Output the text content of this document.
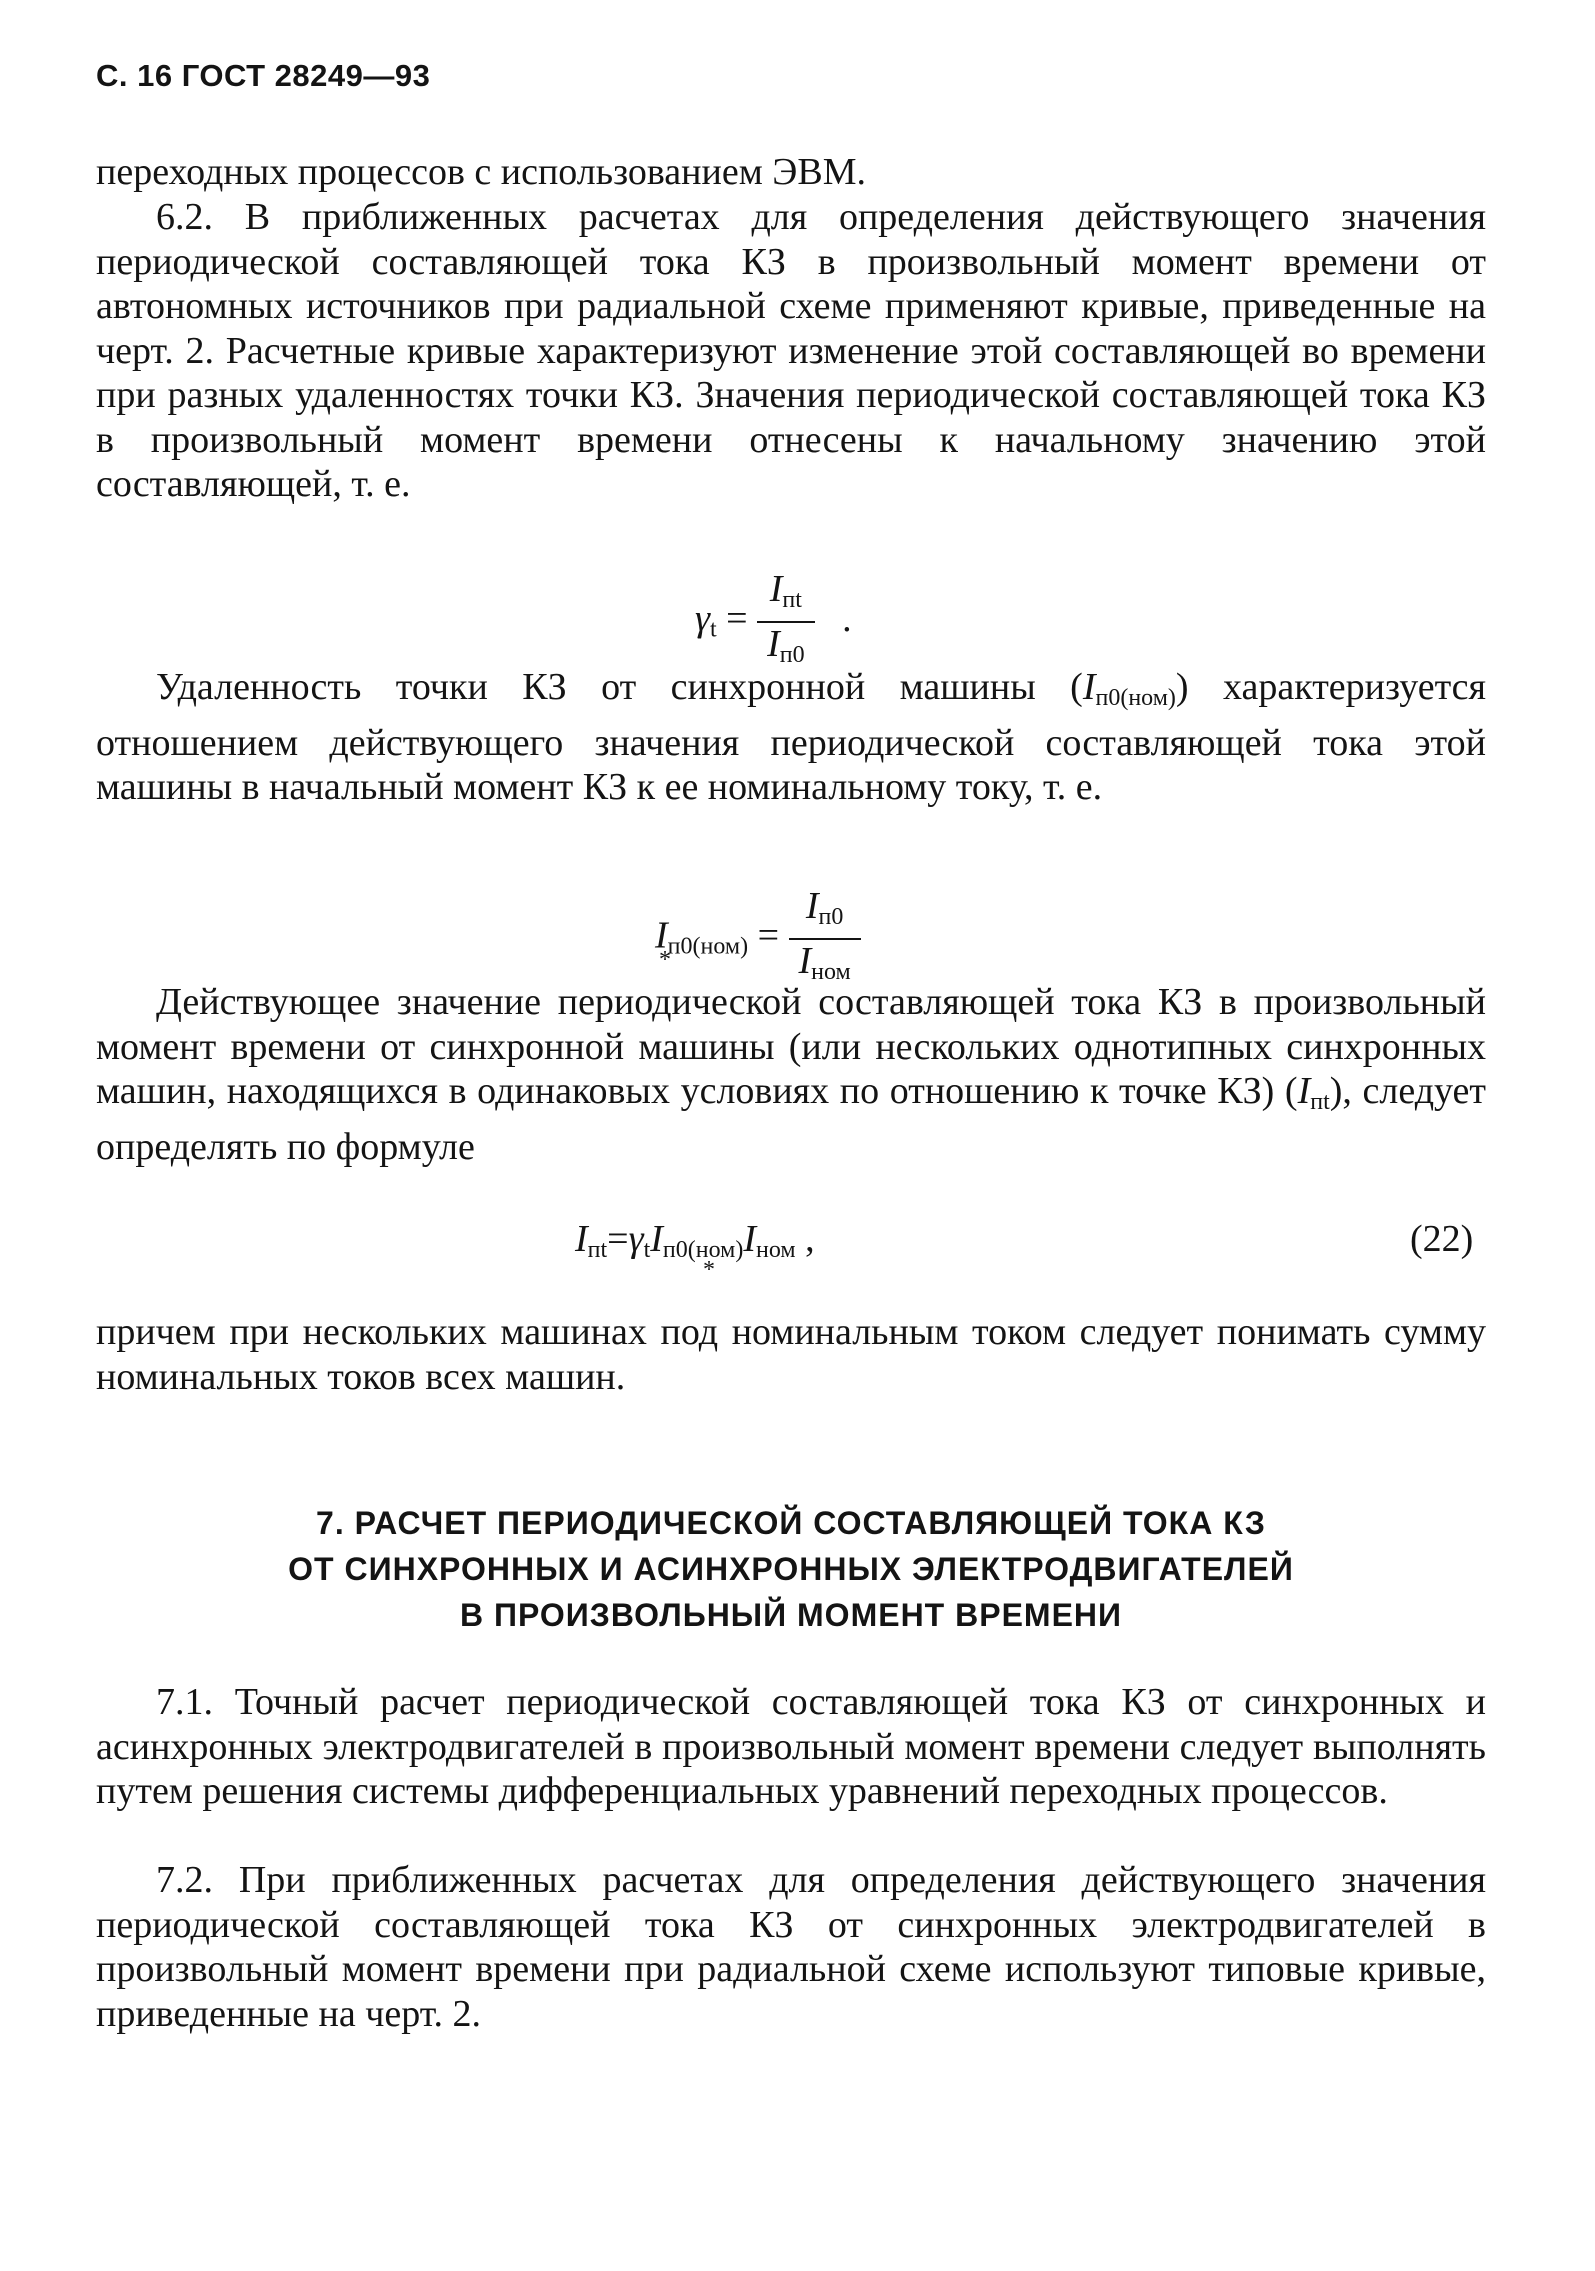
С. 16 ГОСТ 28249—93

переходных процессов с использованием ЭВМ.

6.2. В приближенных расчетах для определения действующего значения периодической составляющей тока КЗ в произвольный момент времени от автономных источников при радиальной схеме применяют кривые, приведенные на черт. 2. Расчетные кривые характеризуют изменение этой составляющей во времени при разных удаленностях точки КЗ. Значения периодической составляющей тока КЗ в произвольный момент времени отнесены к начальному значению этой составляющей, т. е.

$\gamma_t = \frac{I_{пt}}{I_{п0}}$ .

Удаленность точки КЗ от синхронной машины $(I_{п0(ном)})$ характеризуется отношением действующего значения периодической составляющей тока этой машины в начальный момент КЗ к ее номинальному току, т. е.

$I_{п0(ном)} = \frac{I_{п0}}{I_{ном}}$
*

Действующее значение периодической составляющей тока КЗ в произвольный момент времени от синхронной машины (или нескольких однотипных синхронных машин, находящихся в одинаковых условиях по отношению к точке КЗ) $(I_{пt})$, следует определять по формуле

$I_{пt}=\gamma_tI_{п0(ном)}I_{ном}$ ,
*
(22)

причем при нескольких машинах под номинальным током следует понимать сумму номинальных токов всех машин.

7. РАСЧЕТ ПЕРИОДИЧЕСКОЙ СОСТАВЛЯЮЩЕЙ ТОКА КЗ
ОТ СИНХРОННЫХ И АСИНХРОННЫХ ЭЛЕКТРОДВИГАТЕЛЕЙ
В ПРОИЗВОЛЬНЫЙ МОМЕНТ ВРЕМЕНИ

7.1. Точный расчет периодической составляющей тока КЗ от синхронных и асинхронных электродвигателей в произвольный момент времени следует выполнять путем решения системы дифференциальных уравнений переходных процессов.

7.2. При приближенных расчетах для определения действующего значения периодической составляющей тока КЗ от синхронных электродвигателей в произвольный момент времени при радиальной схеме используют типовые кривые, приведенные на черт. 2.
